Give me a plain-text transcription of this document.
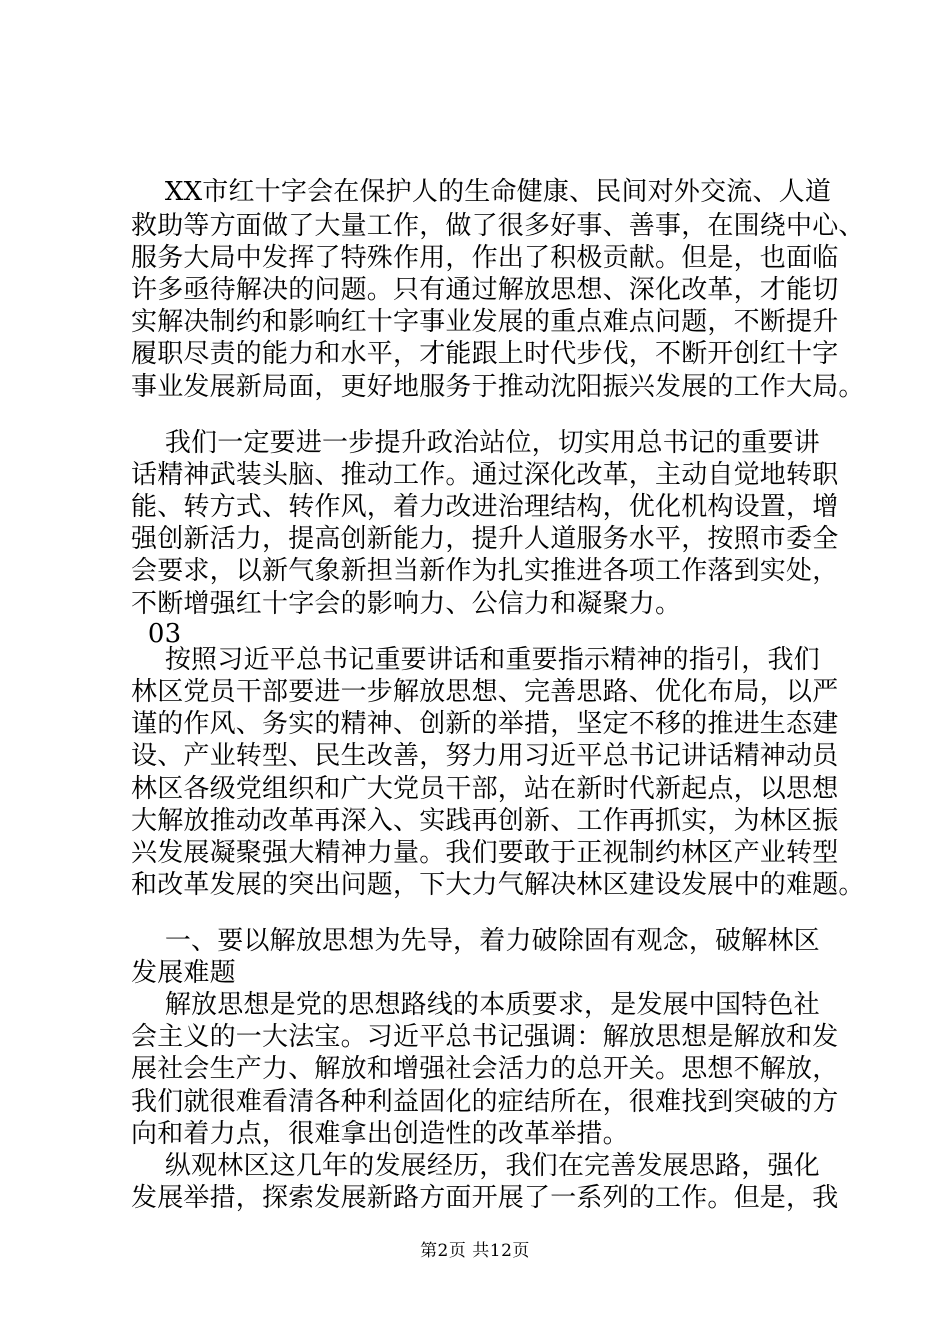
XX市红十字会在保护人的生命健康、民间对外交流、人道
救助等方面做了大量工作，做了很多好事、善事，在围绕中心、
服务大局中发挥了特殊作用，作出了积极贡献。但是，也面临
许多亟待解决的问题。只有通过解放思想、深化改革，才能切
实解决制约和影响红十字事业发展的重点难点问题，不断提升
履职尽责的能力和水平，才能跟上时代步伐，不断开创红十字
事业发展新局面，更好地服务于推动沈阳振兴发展的工作大局。
我们一定要进一步提升政治站位，切实用总书记的重要讲
话精神武装头脑、推动工作。通过深化改革，主动自觉地转职
能、转方式、转作风，着力改进治理结构，优化机构设置，增
强创新活力，提高创新能力，提升人道服务水平，按照市委全
会要求，以新气象新担当新作为扎实推进各项工作落到实处，
不断增强红十字会的影响力、公信力和凝聚力。
03
按照习近平总书记重要讲话和重要指示精神的指引，我们
林区党员干部要进一步解放思想、完善思路、优化布局，以严
谨的作风、务实的精神、创新的举措，坚定不移的推进生态建
设、产业转型、民生改善，努力用习近平总书记讲话精神动员
林区各级党组织和广大党员干部，站在新时代新起点，以思想
大解放推动改革再深入、实践再创新、工作再抓实，为林区振
兴发展凝聚强大精神力量。我们要敢于正视制约林区产业转型
和改革发展的突出问题，下大力气解决林区建设发展中的难题。
一、要以解放思想为先导，着力破除固有观念，破解林区
发展难题
解放思想是党的思想路线的本质要求，是发展中国特色社
会主义的一大法宝。习近平总书记强调：解放思想是解放和发
展社会生产力、解放和增强社会活力的总开关。思想不解放，
我们就很难看清各种利益固化的症结所在，很难找到突破的方
向和着力点，很难拿出创造性的改革举措。
纵观林区这几年的发展经历，我们在完善发展思路，强化
发展举措，探索发展新路方面开展了一系列的工作。但是，我
第2页 共12页
